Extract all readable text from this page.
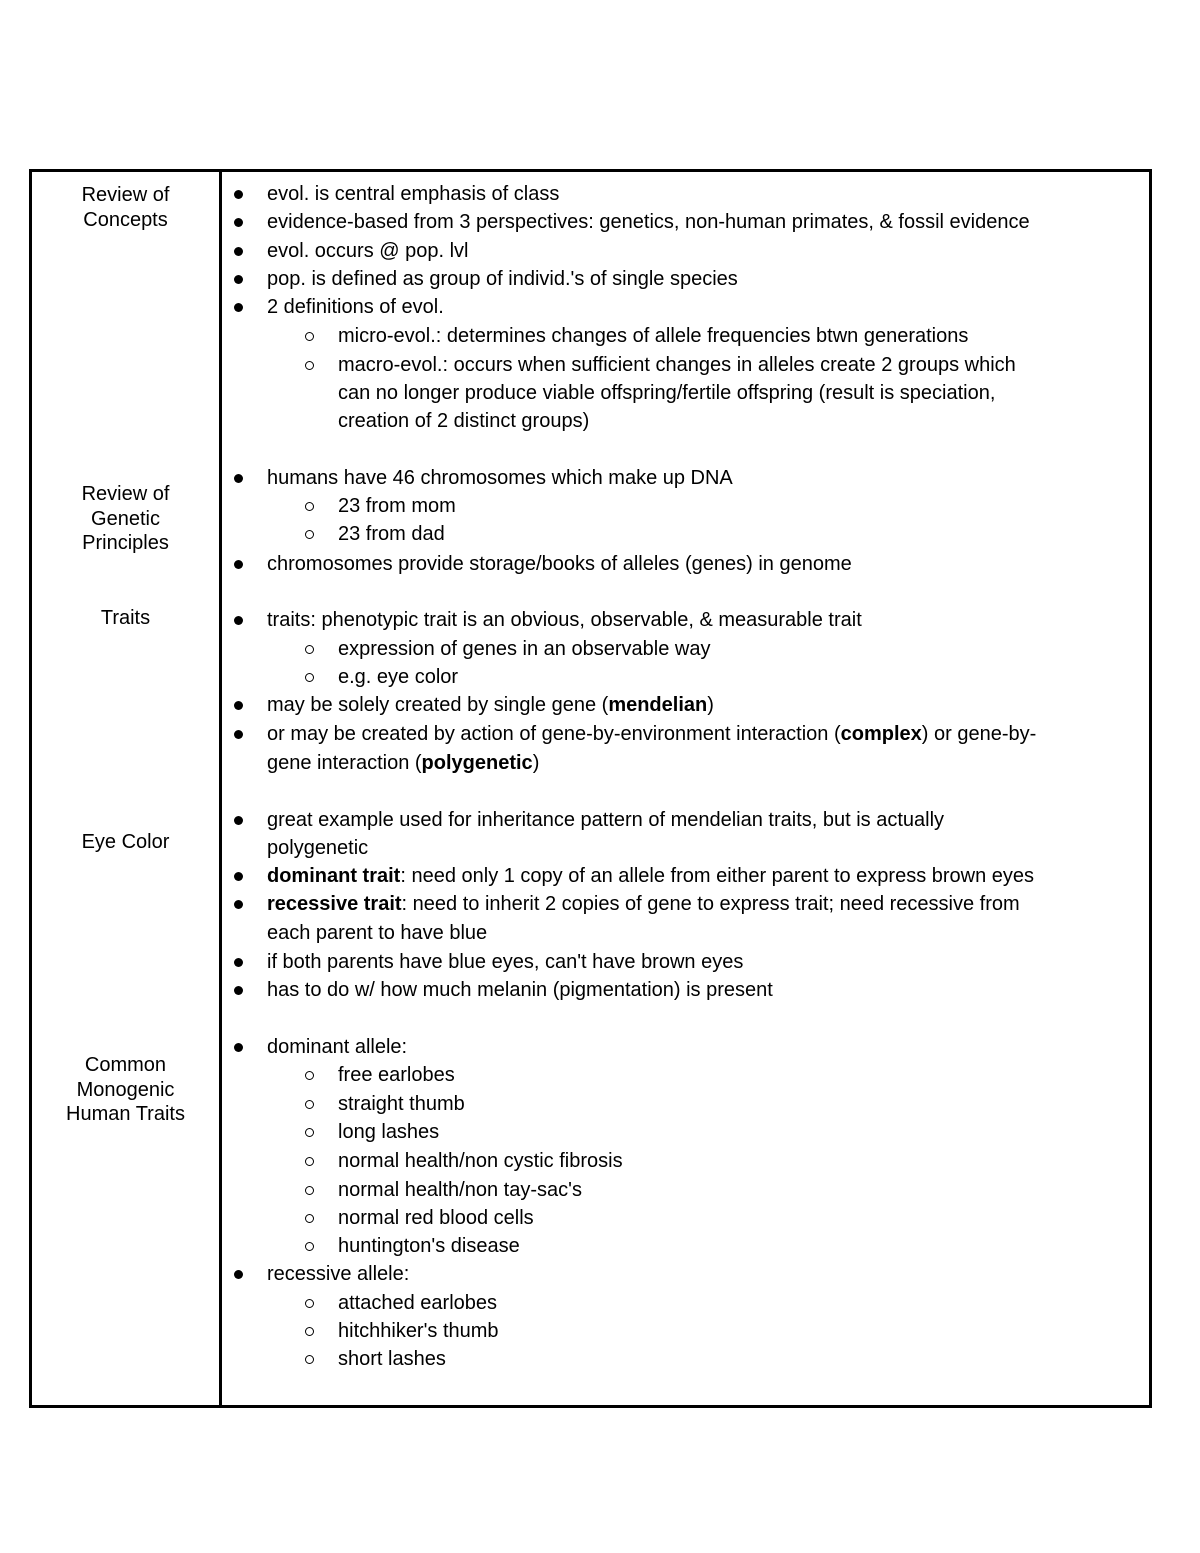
Review of
Concepts
Review of
Genetic
Principles
Traits
Eye Color
Common
Monogenic
Human Traits
evol. is central emphasis of class
evidence-based from 3 perspectives: genetics, non-human primates, & fossil evidence
evol. occurs @ pop. lvl
pop. is defined as group of individ.'s of single species
2 definitions of evol.
micro-evol.: determines changes of allele frequencies btwn generations
macro-evol.: occurs when sufficient changes in alleles create 2 groups which
can no longer produce viable offspring/fertile offspring (result is speciation,
creation of 2 distinct groups)
humans have 46 chromosomes which make up DNA
23 from mom
23 from dad
chromosomes provide storage/books of alleles (genes) in genome
traits: phenotypic trait is an obvious, observable, & measurable trait
expression of genes in an observable way
e.g. eye color
may be solely created by single gene (mendelian)
or may be created by action of gene-by-environment interaction (complex) or gene-by-
gene interaction (polygenetic)
great example used for inheritance pattern of mendelian traits, but is actually
polygenetic
dominant trait: need only 1 copy of an allele from either parent to express brown eyes
recessive trait: need to inherit 2 copies of gene to express trait; need recessive from
each parent to have blue
if both parents have blue eyes, can't have brown eyes
has to do w/ how much melanin (pigmentation) is present
dominant allele:
free earlobes
straight thumb
long lashes
normal health/non cystic fibrosis
normal health/non tay-sac's
normal red blood cells
huntington's disease
recessive allele:
attached earlobes
hitchhiker's thumb
short lashes
